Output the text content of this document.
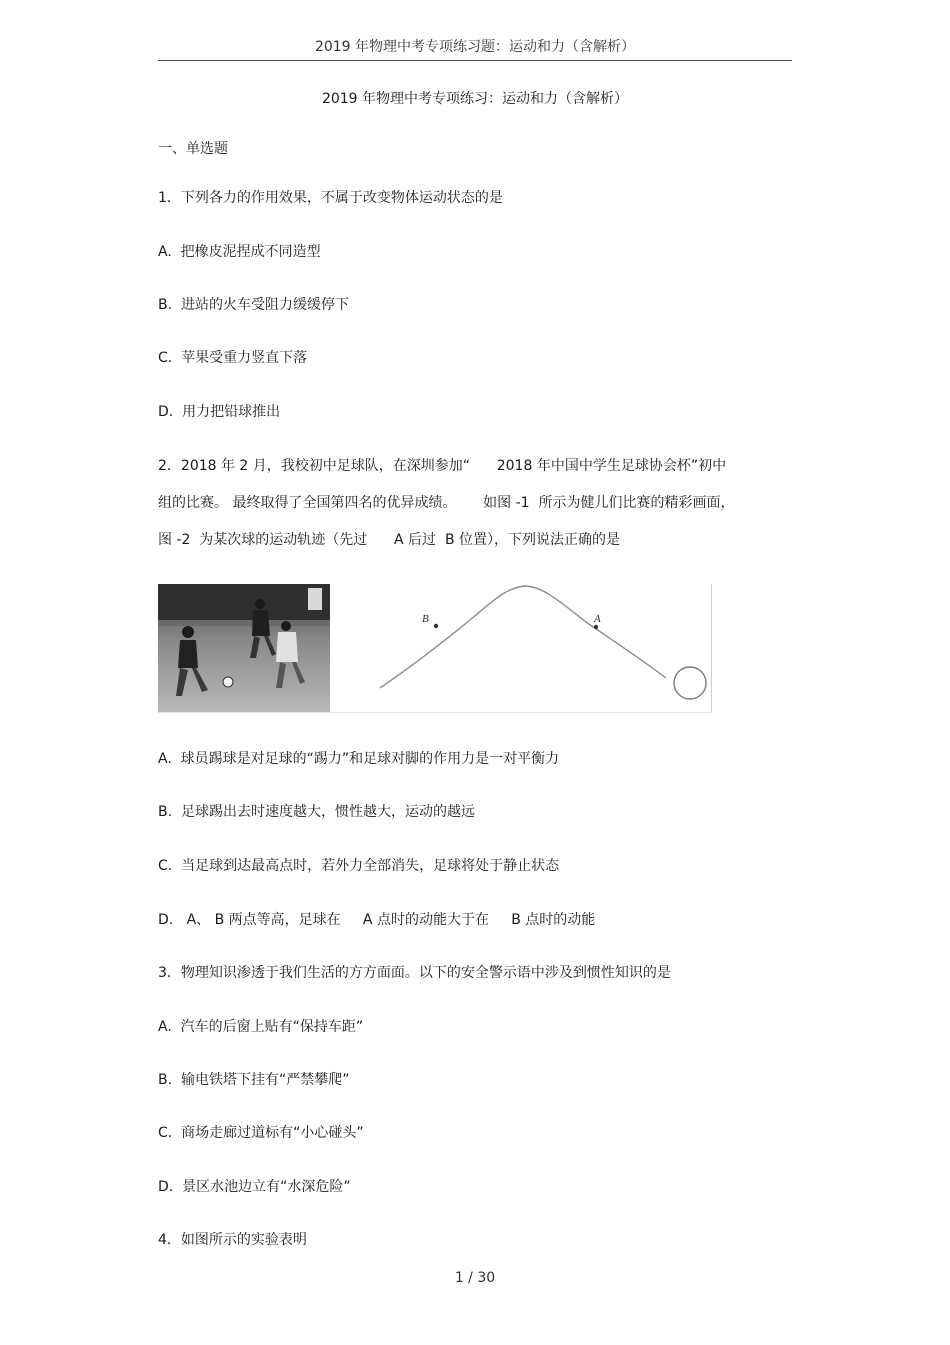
2019 年物理中考专项练习题：运动和力（含解析）
2019 年物理中考专项练习：运动和力（含解析）
一、单选题
1．下列各力的作用效果，不属于改变物体运动状态的是
A.  把橡皮泥捏成不同造型
B.  进站的火车受阻力缓缓停下
C.  苹果受重力竖直下落
D.  用力把铅球推出
2．2018 年 2 月，我校初中足球队，在深圳参加“      2018 年中国中学生足球协会杯”初中
组的比赛。 最终取得了全国第四名的优异成绩。      如图 -1  所示为健儿们比赛的精彩画面，
图 -2  为某次球的运动轨迹（先过      A 后过  B 位置），下列说法正确的是
B	A
A.  球员踢球是对足球的“踢力”和足球对脚的作用力是一对平衡力
B.  足球踢出去时速度越大，惯性越大，运动的越远
C.  当足球到达最高点时，若外力全部消失，足球将处于静止状态
D.   A、 B 两点等高，足球在     A 点时的动能大于在     B 点时的动能
3．物理知识渗透于我们生活的方方面面。以下的安全警示语中涉及到惯性知识的是
A.  汽车的后窗上贴有“保持车距”
B.  输电铁塔下挂有“严禁攀爬”
C.  商场走廊过道标有“小心碰头”
D.  景区水池边立有“水深危险”
4．如图所示的实验表明
1 / 30
